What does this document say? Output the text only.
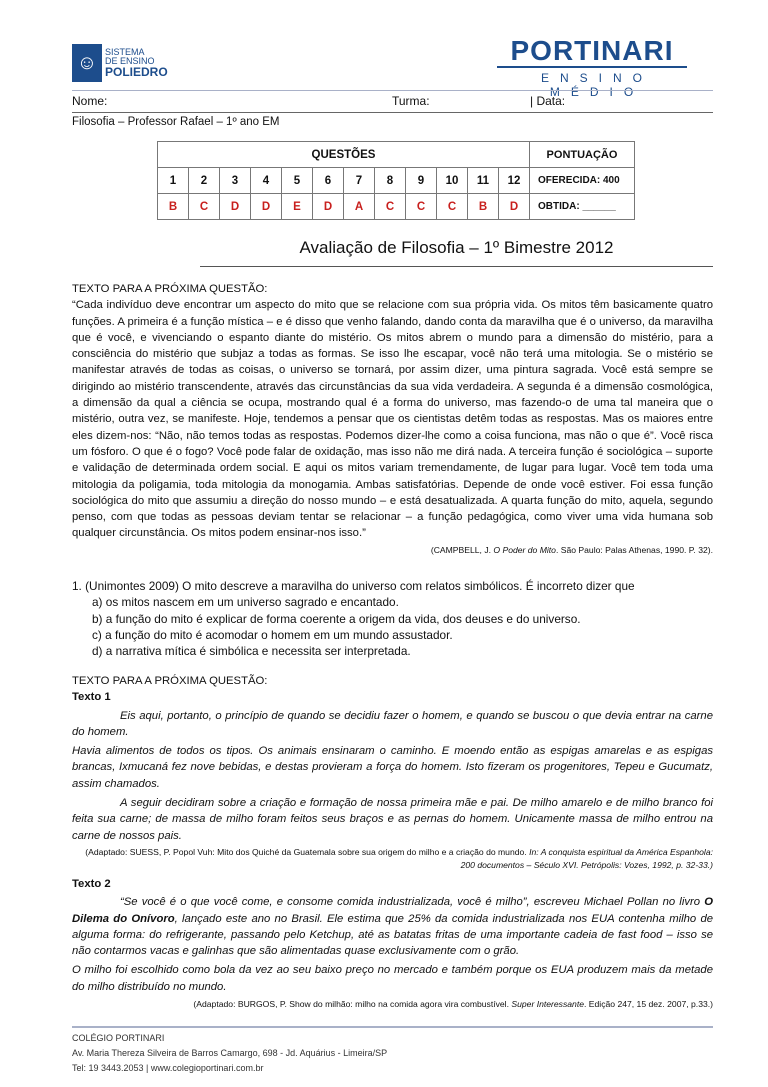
☺ SISTEMA
DE ENSINO
POLIEDRO
PORTINARI
ENSINO MÉDIO
Nome:	Turma:	| Data:
Filosofia – Professor Rafael – 1º ano EM
QUESTÕES												PONTUAÇÃO
1	2	3	4	5	6	7	8	9	10	11	12	OFERECIDA: 400
B	C	D	D	E	D	A	C	C	C	B	D	OBTIDA: ______
Avaliação de Filosofia – 1º Bimestre 2012
TEXTO PARA A PRÓXIMA QUESTÃO:
“Cada indivíduo deve encontrar um aspecto do mito que se relacione com sua própria vida. Os mitos têm basicamente quatro funções. A primeira é a função mística – e é disso que venho falando, dando conta da maravilha que é o universo, da maravilha que é você, e vivenciando o espanto diante do mistério. Os mitos abrem o mundo para a dimensão do mistério, para a consciência do mistério que subjaz a todas as formas. Se isso lhe escapar, você não terá uma mitologia. Se o mistério se manifestar através de todas as coisas, o universo se tornará, por assim dizer, uma pintura sagrada. Você está sempre se dirigindo ao mistério transcendente, através das circunstâncias da sua vida verdadeira. A segunda é a dimensão cosmológica, a dimensão da qual a ciência se ocupa, mostrando qual é a forma do universo, mas fazendo-o de uma tal maneira que o mistério, outra vez, se manifeste. Hoje, tendemos a pensar que os cientistas detêm todas as respostas. Mas os maiores entre eles dizem-nos: “Não, não temos todas as respostas. Podemos dizer-lhe como a coisa funciona, mas não o que é”. Você risca um fósforo. O que é o fogo? Você pode falar de oxidação, mas isso não me dirá nada. A terceira função é sociológica – suporte e validação de determinada ordem social. E aqui os mitos variam tremendamente, de lugar para lugar. Você tem toda uma mitologia da poligamia, toda mitologia da monogamia. Ambas satisfatórias. Depende de onde você estiver. Foi essa função sociológica do mito que assumiu a direção do nosso mundo – e está desatualizada. A quarta função do mito, aquela, segundo penso, com que todas as pessoas deviam tentar se relacionar – a função pedagógica, como viver uma vida humana sob qualquer circunstância. Os mitos podem ensinar-nos isso.”
(CAMPBELL, J. O Poder do Mito. São Paulo: Palas Athenas, 1990. P. 32).
1. (Unimontes 2009) O mito descreve a maravilha do universo com relatos simbólicos. É incorreto dizer que
a) os mitos nascem em um universo sagrado e encantado.
b) a função do mito é explicar de forma coerente a origem da vida, dos deuses e do universo.
c) a função do mito é acomodar o homem em um mundo assustador.
d) a narrativa mítica é simbólica e necessita ser interpretada.
TEXTO PARA A PRÓXIMA QUESTÃO:
Texto 1
Eis aqui, portanto, o princípio de quando se decidiu fazer o homem, e quando se buscou o que devia entrar na carne do homem.
Havia alimentos de todos os tipos. Os animais ensinaram o caminho. E moendo então as espigas amarelas e as espigas brancas, Ixmucaná fez nove bebidas, e destas provieram a força do homem. Isto fizeram os progenitores, Tepeu e Gucumatz, assim chamados.
A seguir decidiram sobre a criação e formação de nossa primeira mãe e pai. De milho amarelo e de milho branco foi feita sua carne; de massa de milho foram feitos seus braços e as pernas do homem. Unicamente massa de milho entrou na carne de nossos pais.
(Adaptado: SUESS, P. Popol Vuh: Mito dos Quiché da Guatemala sobre sua origem do milho e a criação do mundo. In: A conquista espiritual da América Espanhola: 200 documentos – Século XVI. Petrópolis: Vozes, 1992, p. 32-33.)
Texto 2
“Se você é o que você come, e consome comida industrializada, você é milho”, escreveu Michael Pollan no livro O Dilema do Onívoro, lançado este ano no Brasil. Ele estima que 25% da comida industrializada nos EUA contenha milho de alguma forma: do refrigerante, passando pelo Ketchup, até as batatas fritas de uma importante cadeia de fast food – isso se não contarmos vacas e galinhas que são alimentadas quase exclusivamente com o grão.
O milho foi escolhido como bola da vez ao seu baixo preço no mercado e também porque os EUA produzem mais da metade do milho distribuído no mundo.
(Adaptado: BURGOS, P. Show do milhão: milho na comida agora vira combustível. Super Interessante. Edição 247, 15 dez. 2007, p.33.)
COLÉGIO PORTINARI
Av. Maria Thereza Silveira de Barros Camargo, 698 - Jd. Aquárius - Limeira/SP
Tel: 19 3443.2053 | www.colegioportinari.com.br
